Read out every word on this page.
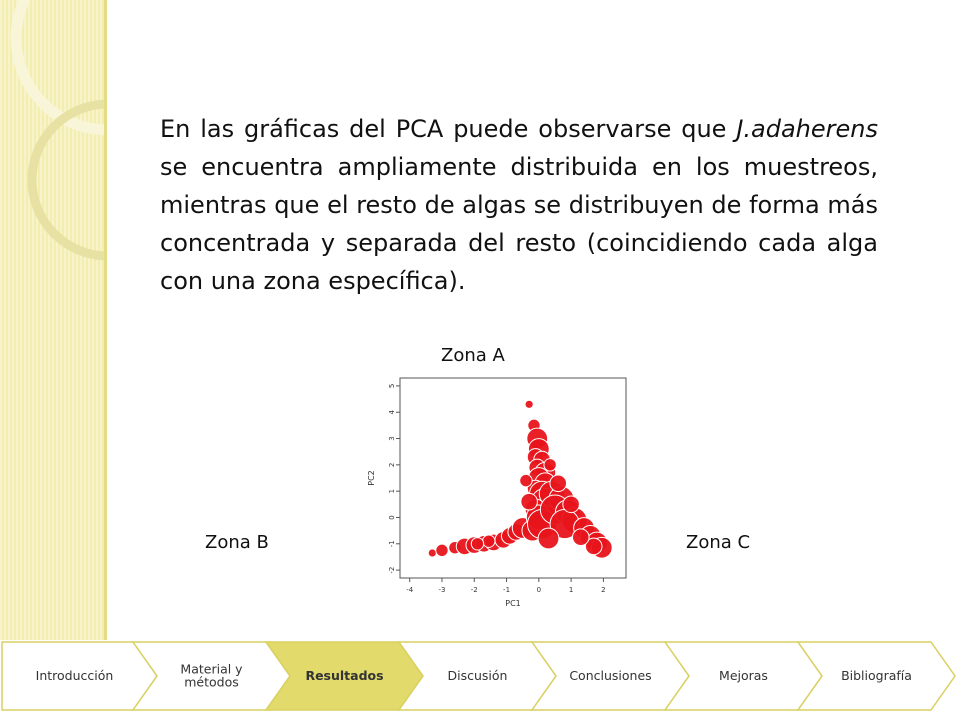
En las gráficas del PCA puede observarse que J.adaherens se encuentra ampliamente distribuida en los muestreos, mientras que el resto de algas se distribuyen de forma más concentrada y separada del resto (coincidiendo cada alga con una zona específica).
Zona A
Zona B	Zona C
-4	-3	-2	-1	0	1	2
-2
-1
0
1
2
3
4
5
PC1
PC2
Introducción	Material y
métodos	Resultados	Discusión	Conclusiones	Mejoras	Bibliografía
